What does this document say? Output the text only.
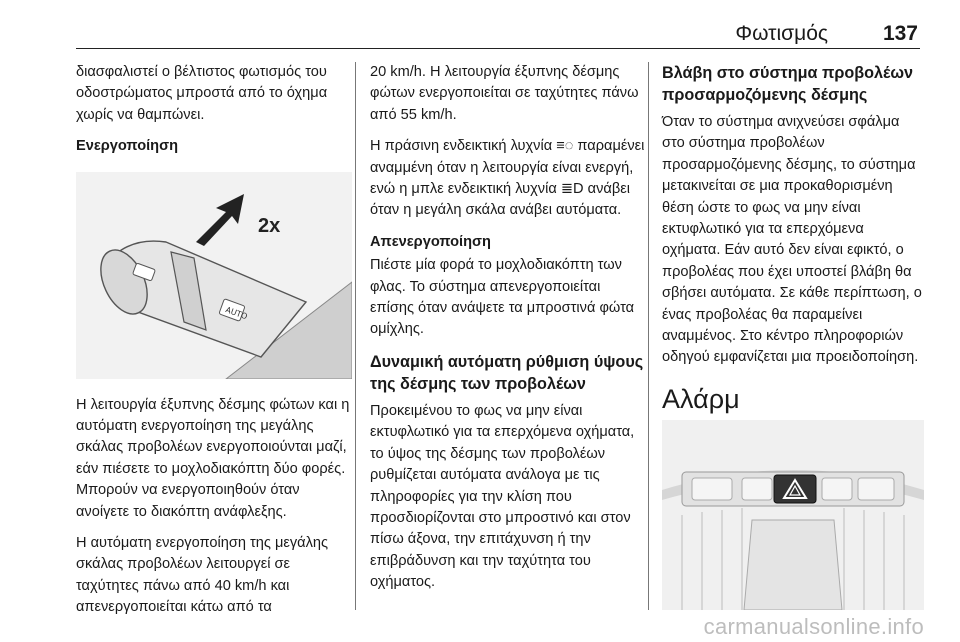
Φωτισμός	137

διασφαλιστεί ο βέλτιστος φωτισμός του οδοστρώματος μπροστά από το όχημα χωρίς να θαμπώνει.

Ενεργοποίηση
AUTO
2x

Η λειτουργία έξυπνης δέσμης φώτων και η αυτόματη ενεργοποίηση της μεγάλης σκάλας προβολέων ενεργοποιούνται μαζί, εάν πιέσετε το μοχλοδιακόπτη δύο φορές. Μπορούν να ενεργοποιηθούν όταν ανοίγετε το διακόπτη ανάφλεξης.

Η αυτόματη ενεργοποίηση της μεγάλης σκάλας προβολέων λειτουργεί σε ταχύτητες πάνω από 40 km/h και απενεργοποιείται κάτω από τα

20 km/h. Η λειτουργία έξυπνης δέσμης φώτων ενεργοποιείται σε ταχύτητες πάνω από 55 km/h.

Η πράσινη ενδεικτική λυχνία ≡◌ παραμένει αναμμένη όταν η λειτουργία είναι ενεργή, ενώ η μπλε ενδεικτική λυχνία ≣D ανάβει όταν η μεγάλη σκάλα ανάβει αυτόματα.

Απενεργοποίηση

Πιέστε μία φορά το μοχλοδιακόπτη των φλας. Το σύστημα απενεργοποιείται επίσης όταν ανάψετε τα μπροστινά φώτα ομίχλης.

Δυναμική αυτόματη ρύθμιση ύψους της δέσμης των προβολέων

Προκειμένου το φως να μην είναι εκτυφλωτικό για τα επερχόμενα οχήματα, το ύψος της δέσμης των προβολέων ρυθμίζεται αυτόματα ανάλογα με τις πληροφορίες για την κλίση που προσδιορίζονται στο μπροστινό και στον πίσω άξονα, την επιτάχυνση ή την επιβράδυνση και την ταχύτητα του οχήματος.

Βλάβη στο σύστημα προβολέων προσαρμοζόμενης δέσμης

Όταν το σύστημα ανιχνεύσει σφάλμα στο σύστημα προβολέων προσαρμοζόμενης δέσμης, το σύστημα μετακινείται σε μια προκαθορισμένη θέση ώστε το φως να μην είναι εκτυφλωτικό για τα επερχόμενα οχήματα. Εάν αυτό δεν είναι εφικτό, ο προβολέας που έχει υποστεί βλάβη θα σβήσει αυτόματα. Σε κάθε περίπτωση, ο ένας προβολέας θα παραμείνει αναμμένος. Στο κέντρο πληροφοριών οδηγού εμφανίζεται μια προειδοποίηση.

Αλάρμ
carmanualsonline.info
